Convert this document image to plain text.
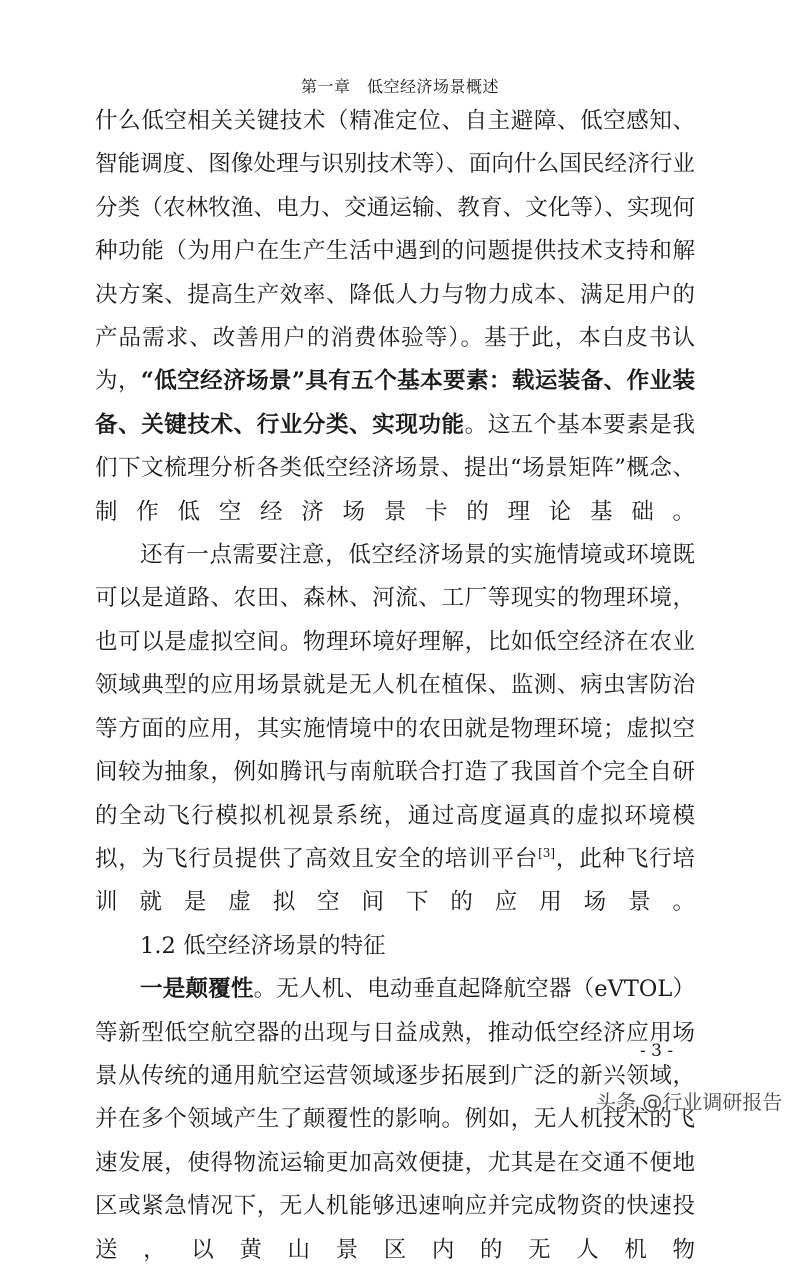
第一章　低空经济场景概述

什么低空相关关键技术（精准定位、自主避障、低空感知、智能调度、图像处理与识别技术等）、面向什么国民经济行业分类（农林牧渔、电力、交通运输、教育、文化等）、实现何种功能（为用户在生产生活中遇到的问题提供技术支持和解决方案、提高生产效率、降低人力与物力成本、满足用户的产品需求、改善用户的消费体验等）。基于此，本白皮书认为，“低空经济场景”具有五个基本要素：载运装备、作业装备、关键技术、行业分类、实现功能。这五个基本要素是我们下文梳理分析各类低空经济场景、提出“场景矩阵”概念、制作低空经济场景卡的理论基础。

还有一点需要注意，低空经济场景的实施情境或环境既可以是道路、农田、森林、河流、工厂等现实的物理环境，也可以是虚拟空间。物理环境好理解，比如低空经济在农业领域典型的应用场景就是无人机在植保、监测、病虫害防治等方面的应用，其实施情境中的农田就是物理环境；虚拟空间较为抽象，例如腾讯与南航联合打造了我国首个完全自研的全动飞行模拟机视景系统，通过高度逼真的虚拟环境模拟，为飞行员提供了高效且安全的培训平台[3]，此种飞行培训就是虚拟空间下的应用场景。

1.2 低空经济场景的特征

一是颠覆性。无人机、电动垂直起降航空器（eVTOL）等新型低空航空器的出现与日益成熟，推动低空经济应用场景从传统的通用航空运营领域逐步拓展到广泛的新兴领域，并在多个领域产生了颠覆性的影响。例如，无人机技术的飞速发展，使得物流运输更加高效便捷，尤其是在交通不便地区或紧急情况下，无人机能够迅速响应并完成物资的快速投送，以黄山景区内的无人机物

- 3 -
头条 @行业调研报告
